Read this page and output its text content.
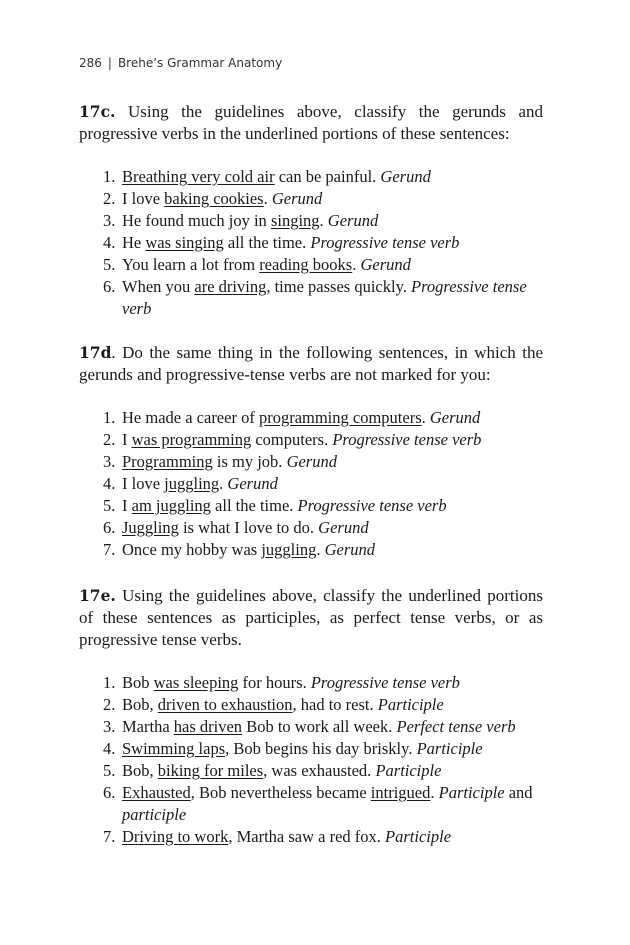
286 | Brehe’s Grammar Anatomy

17c. Using the guidelines above, classify the gerunds and progressive verbs in the underlined portions of these sentences:

1. Breathing very cold air can be painful. Gerund
2. I love baking cookies. Gerund
3. He found much joy in singing. Gerund
4. He was singing all the time. Progressive tense verb
5. You learn a lot from reading books. Gerund
6. When you are driving, time passes quickly. Progressive tense verb

17d. Do the same thing in the following sentences, in which the gerunds and progressive-tense verbs are not marked for you:

1. He made a career of programming computers. Gerund
2. I was programming computers. Progressive tense verb
3. Programming is my job. Gerund
4. I love juggling. Gerund
5. I am juggling all the time. Progressive tense verb
6. Juggling is what I love to do. Gerund
7. Once my hobby was juggling. Gerund

17e. Using the guidelines above, classify the underlined portions of these sentences as participles, as perfect tense verbs, or as progressive tense verbs.

1. Bob was sleeping for hours. Progressive tense verb
2. Bob, driven to exhaustion, had to rest. Participle
3. Martha has driven Bob to work all week. Perfect tense verb
4. Swimming laps, Bob begins his day briskly. Participle
5. Bob, biking for miles, was exhausted. Participle
6. Exhausted, Bob nevertheless became intrigued. Participle and participle
7. Driving to work, Martha saw a red fox. Participle
